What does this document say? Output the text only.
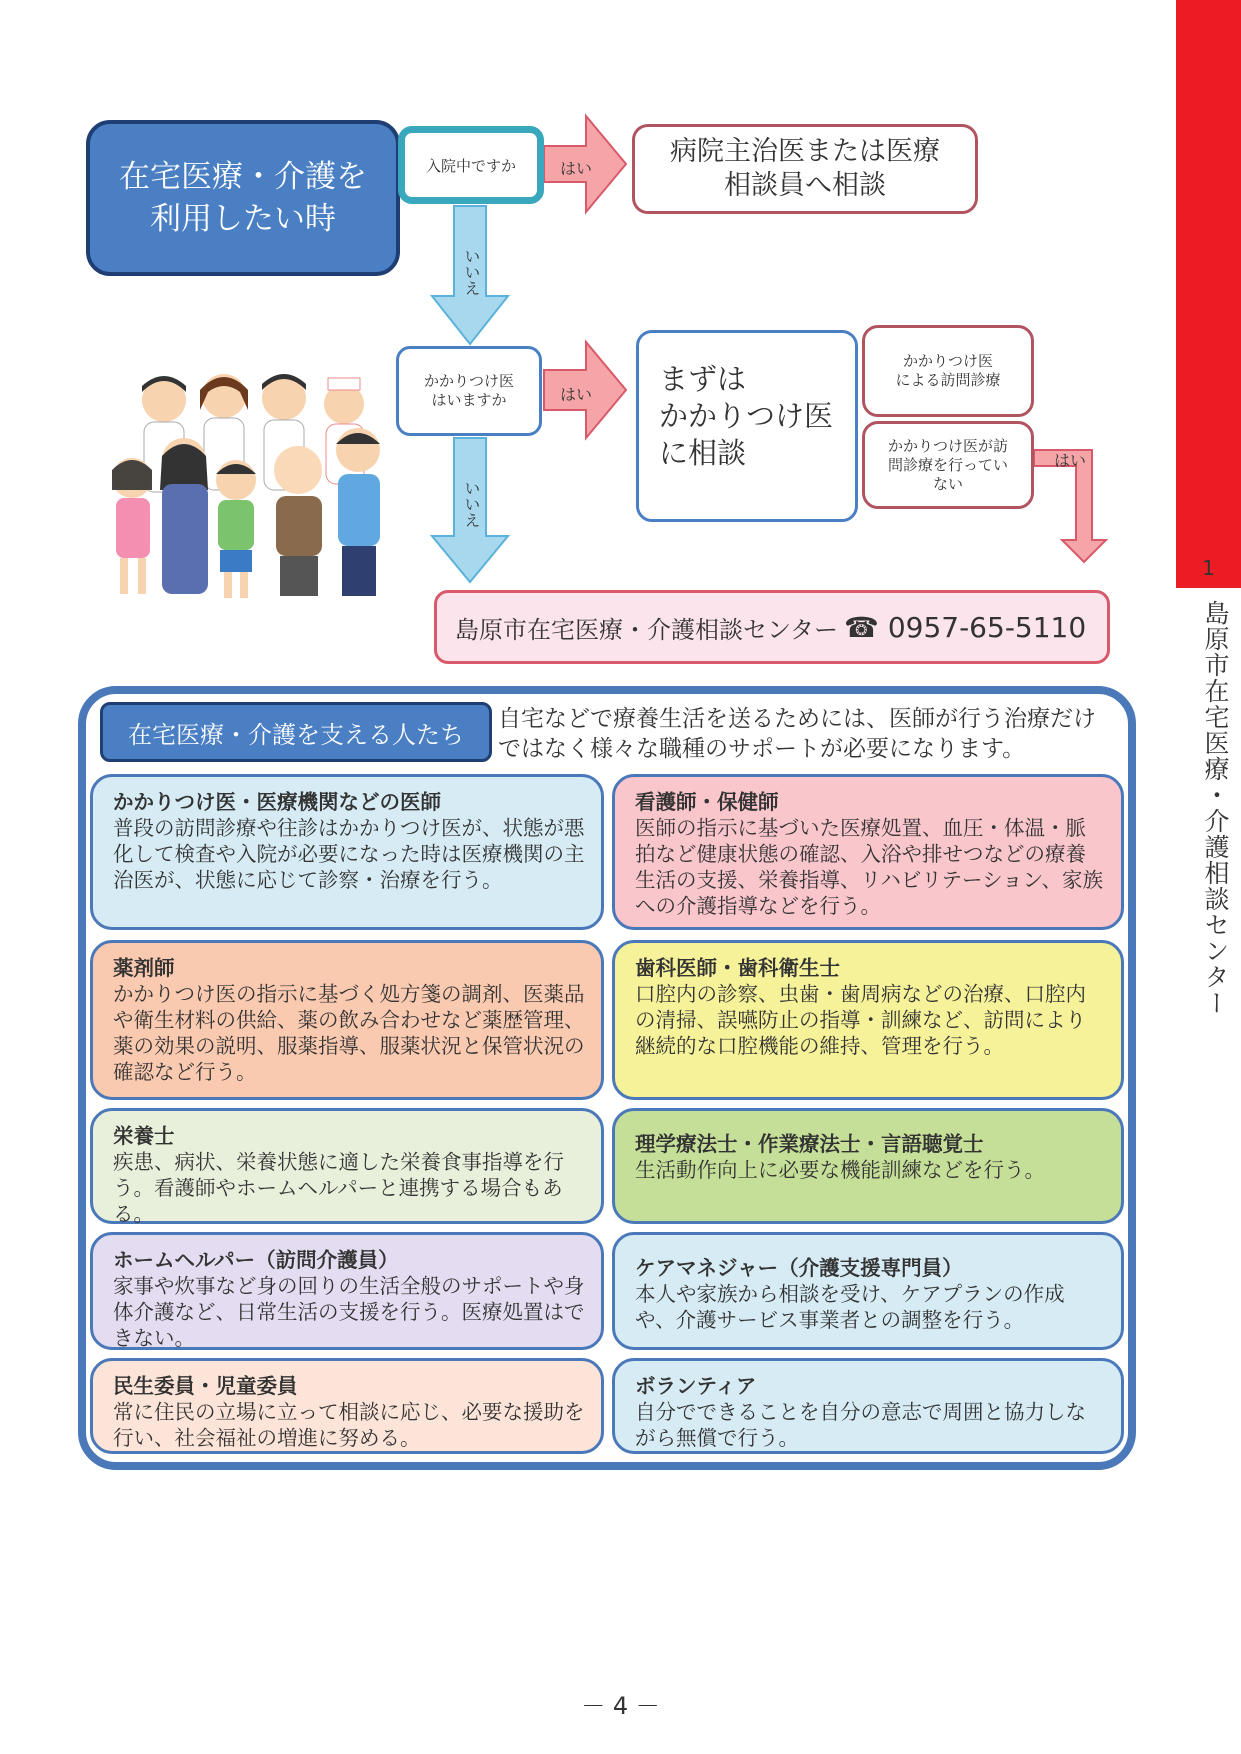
1
島原市在宅医療・介護相談センター
在宅医療・介護を
利用したい時
入院中ですか	はい
病院主治医または医療
相談員へ相談
いいえ
かかりつけ医
はいますか	はい	まずは
かかりつけ医
に相談
かかりつけ医
による訪問診療
かかりつけ医が訪
問診療を行ってい
ない
はい
いいえ
島原市在宅医療・介護相談センター ☎ 0957-65-5110
在宅医療・介護を支える人たち
自宅などで療養生活を送るためには、医師が行う治療だけではなく様々な職種のサポートが必要になります。
かかりつけ医・医療機関などの医師
普段の訪問診療や往診はかかりつけ医が、状態が悪化して検査や入院が必要になった時は医療機関の主治医が、状態に応じて診察・治療を行う。
看護師・保健師
医師の指示に基づいた医療処置、血圧・体温・脈拍など健康状態の確認、入浴や排せつなどの療養生活の支援、栄養指導、リハビリテーション、家族への介護指導などを行う。
薬剤師
かかりつけ医の指示に基づく処方箋の調剤、医薬品や衛生材料の供給、薬の飲み合わせなど薬歴管理、薬の効果の説明、服薬指導、服薬状況と保管状況の確認など行う。
歯科医師・歯科衛生士
口腔内の診察、虫歯・歯周病などの治療、口腔内の清掃、誤嚥防止の指導・訓練など、訪問により継続的な口腔機能の維持、管理を行う。
栄養士
疾患、病状、栄養状態に適した栄養食事指導を行う。看護師やホームヘルパーと連携する場合もある。
理学療法士・作業療法士・言語聴覚士
生活動作向上に必要な機能訓練などを行う。
ホームヘルパー（訪問介護員）
家事や炊事など身の回りの生活全般のサポートや身体介護など、日常生活の支援を行う。医療処置はできない。
ケアマネジャー（介護支援専門員）
本人や家族から相談を受け、ケアプランの作成や、介護サービス事業者との調整を行う。
民生委員・児童委員
常に住民の立場に立って相談に応じ、必要な援助を行い、社会福祉の増進に努める。
ボランティア
自分でできることを自分の意志で周囲と協力しながら無償で行う。
－ 4 －
